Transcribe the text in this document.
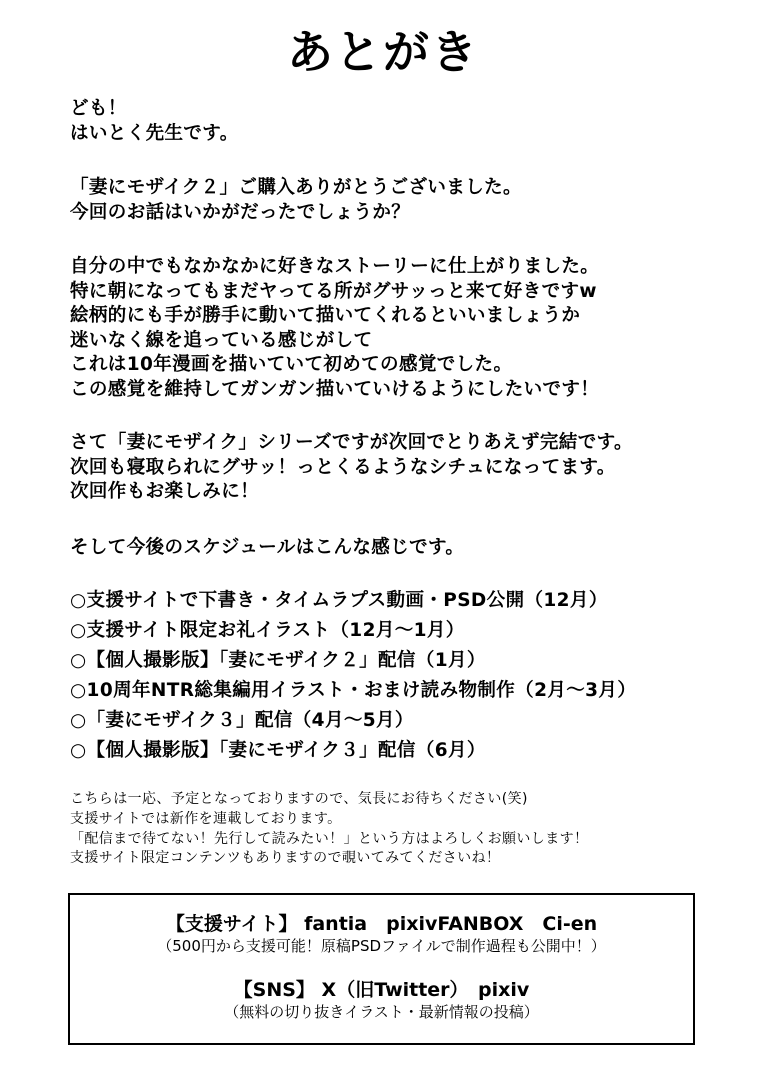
あとがき
ども！
はいとく先生です。
「妻にモザイク２」ご購入ありがとうございました。
今回のお話はいかがだったでしょうか？
自分の中でもなかなかに好きなストーリーに仕上がりました。
特に朝になってもまだヤってる所がグサッっと来て好きですw
絵柄的にも手が勝手に動いて描いてくれるといいましょうか
迷いなく線を追っている感じがして
これは10年漫画を描いていて初めての感覚でした。
この感覚を維持してガンガン描いていけるようにしたいです！
さて「妻にモザイク」シリーズですが次回でとりあえず完結です。
次回も寝取られにグサッ！っとくるようなシチュになってます。
次回作もお楽しみに！
そして今後のスケジュールはこんな感じです。
○支援サイトで下書き・タイムラプス動画・PSD公開（12月）
○支援サイト限定お礼イラスト（12月～1月）
○【個人撮影版】「妻にモザイク２」配信（1月）
○10周年NTR総集編用イラスト・おまけ読み物制作（2月～3月）
○「妻にモザイク３」配信（4月～5月）
○【個人撮影版】「妻にモザイク３」配信（6月）
こちらは一応、予定となっておりますので、気長にお待ちください(笑)
支援サイトでは新作を連載しております。
「配信まで待てない！先行して読みたい！」という方はよろしくお願いします！
支援サイト限定コンテンツもありますので覗いてみてくださいね！
【支援サイト】 fantia　pixivFANBOX　Ci-en
（500円から支援可能！原稿PSDファイルで制作過程も公開中！）
【SNS】 X（旧Twitter）　pixiv
（無料の切り抜きイラスト・最新情報の投稿）
